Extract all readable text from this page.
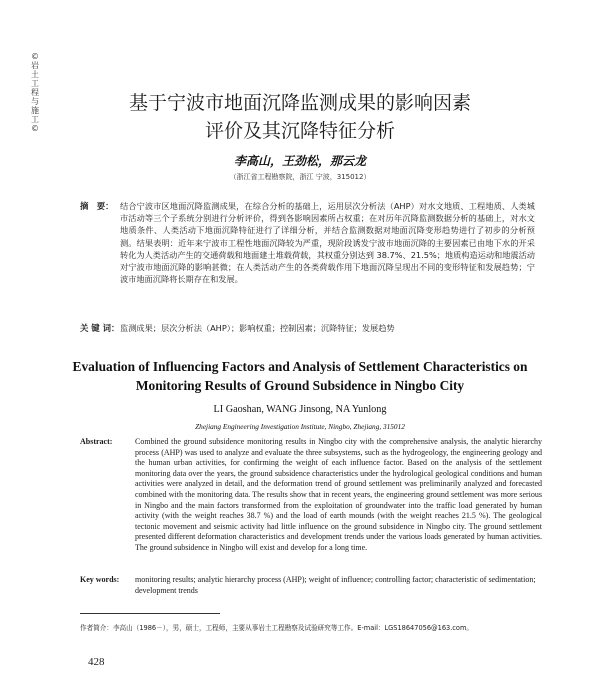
© 岩 土 工 程 与 施 工 ©
基于宁波市地面沉降监测成果的影响因素
评价及其沉降特征分析
李高山，王劲松，那云龙
（浙江省工程勘察院，浙江 宁波，315012）
摘　要： 结合宁波市区地面沉降监测成果，在综合分析的基础上，运用层次分析法（AHP）对水文地质、工程地质、人类城市活动等三个子系统分别进行分析评价，得到各影响因素所占权重；在对历年沉降监测数据分析的基础上，对水文地质条件、人类活动下地面沉降特征进行了详细分析，并结合监测数据对地面沉降变形趋势进行了初步的分析预测。结果表明：近年来宁波市工程性地面沉降较为严重，现阶段诱发宁波市地面沉降的主要因素已由地下水的开采转化为人类活动产生的交通荷载和地面建土堆载荷载，其权重分别达到 38.7%、21.5%；地质构造运动和地震活动对宁波市地面沉降的影响甚微；在人类活动产生的各类荷载作用下地面沉降呈现出不同的变形特征和发展趋势；宁波市地面沉降将长期存在和发展。
关 键 词： 监测成果；层次分析法（AHP）；影响权重；控制因素；沉降特征；发展趋势
Evaluation of Influencing Factors and Analysis of Settlement Characteristics on
Monitoring Results of Ground Subsidence in Ningbo City
LI Gaoshan, WANG Jinsong, NA Yunlong
Zhejiang Engineering Investigation Institute, Ningbo, Zhejiang, 315012
Abstract:	Combined the ground subsidence monitoring results in Ningbo city with the comprehensive analysis, the analytic hierarchy process (AHP) was used to analyze and evaluate the three subsystems, such as the hydrogeology, the engineering geology and the human urban activities, for confirming the weight of each influence factor. Based on the analysis of the settlement monitoring data over the years, the ground subsidence characteristics under the hydrological geological conditions and human activities were analyzed in detail, and the deformation trend of ground settlement was preliminarily analyzed and forecasted combined with the monitoring data. The results show that in recent years, the engineering ground settlement was more serious in Ningbo and the main factors transformed from the exploitation of groundwater into the traffic load generated by human activity (with the weight reaches 38.7 %) and the load of earth mounds (with the weight reaches 21.5 %). The geological tectonic movement and seismic activity had little influence on the ground subsidence in Ningbo city. The ground settlement presented different deformation characteristics and development trends under the various loads generated by human activities. The ground subsidence in Ningbo will exist and develop for a long time.
Key words: monitoring results; analytic hierarchy process (AHP); weight of influence; controlling factor; characteristic of sedimentation; development trends
作者简介：李高山（1986－），男，硕士，工程师，主要从事岩土工程勘察及试验研究等工作。E-mail：LGS18647056@163.com。
428
